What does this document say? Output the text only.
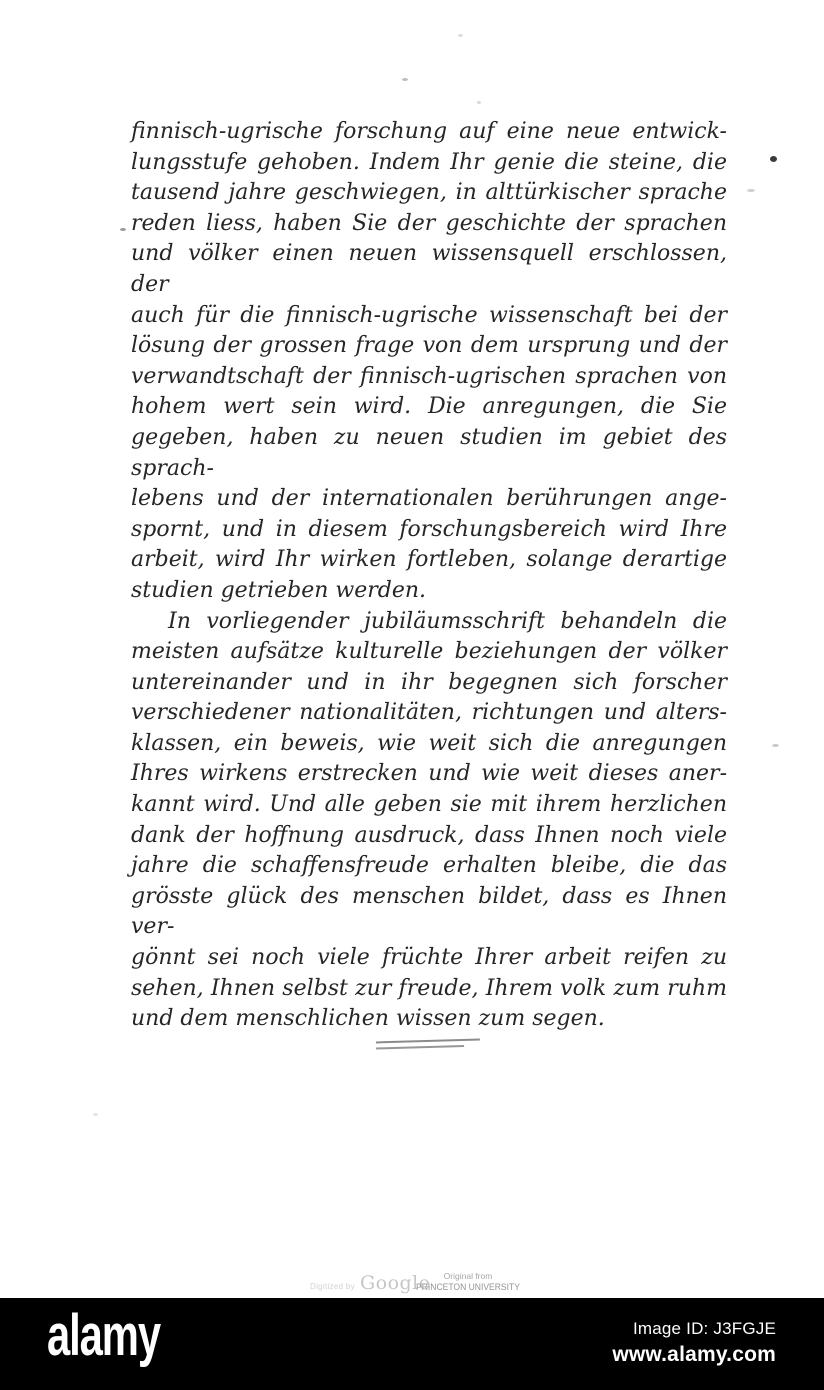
finnisch-ugrische forschung auf eine neue entwick-
lungsstufe gehoben. Indem Ihr genie die steine, die
tausend jahre geschwiegen, in alttürkischer sprache
reden liess, haben Sie der geschichte der sprachen
und völker einen neuen wissensquell erschlossen, der
auch für die finnisch-ugrische wissenschaft bei der
lösung der grossen frage von dem ursprung und der
verwandtschaft der finnisch-ugrischen sprachen von
hohem wert sein wird. Die anregungen, die Sie
gegeben, haben zu neuen studien im gebiet des sprach-
lebens und der internationalen berührungen ange-
spornt, und in diesem forschungsbereich wird Ihre
arbeit, wird Ihr wirken fortleben, solange derartige
studien getrieben werden.
In vorliegender jubiläumsschrift behandeln die
meisten aufsätze kulturelle beziehungen der völker
untereinander und in ihr begegnen sich forscher
verschiedener nationalitäten, richtungen und alters-
klassen, ein beweis, wie weit sich die anregungen
Ihres wirkens erstrecken und wie weit dieses aner-
kannt wird. Und alle geben sie mit ihrem herzlichen
dank der hoffnung ausdruck, dass Ihnen noch viele
jahre die schaffensfreude erhalten bleibe, die das
grösste glück des menschen bildet, dass es Ihnen ver-
gönnt sei noch viele früchte Ihrer arbeit reifen zu
sehen, Ihnen selbst zur freude, Ihrem volk zum ruhm
und dem menschlichen wissen zum segen.
Digitized by Google	Original from
PRINCETON UNIVERSITY
alamy	Image ID: J3FGJE
www.alamy.com
